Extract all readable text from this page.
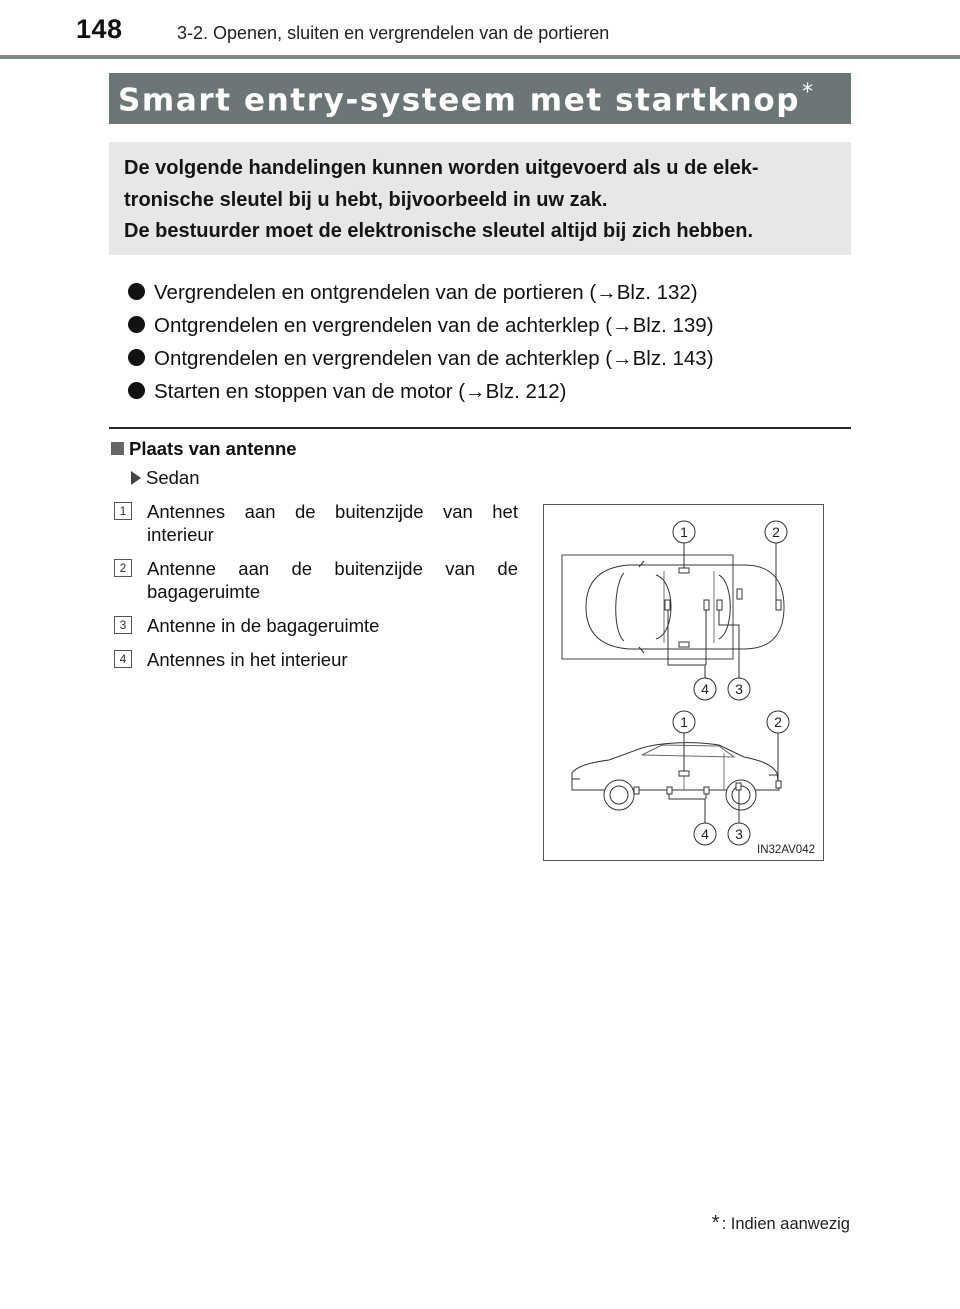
148	3-2. Openen, sluiten en vergrendelen van de portieren
Smart entry-systeem met startknop*

De volgende handelingen kunnen worden uitgevoerd als u de elek-

tronische sleutel bij u hebt, bijvoorbeeld in uw zak.

De bestuurder moet de elektronische sleutel altijd bij zich hebben.

Vergrendelen en ontgrendelen van de portieren (→Blz. 132)
Ontgrendelen en vergrendelen van de achterklep (→Blz. 139)
Ontgrendelen en vergrendelen van de achterklep (→Blz. 143)
Starten en stoppen van de motor (→Blz. 212)
Plaats van antenne
Sedan
1	Antennes aan de buitenzijde van het interieur
2	Antenne aan de buitenzijde van de bagageruimte
3	Antenne in de bagageruimte
4	Antennes in het interieur
1	2
4 3
1	2
4 3
IN32AV042
* : Indien aanwezig
